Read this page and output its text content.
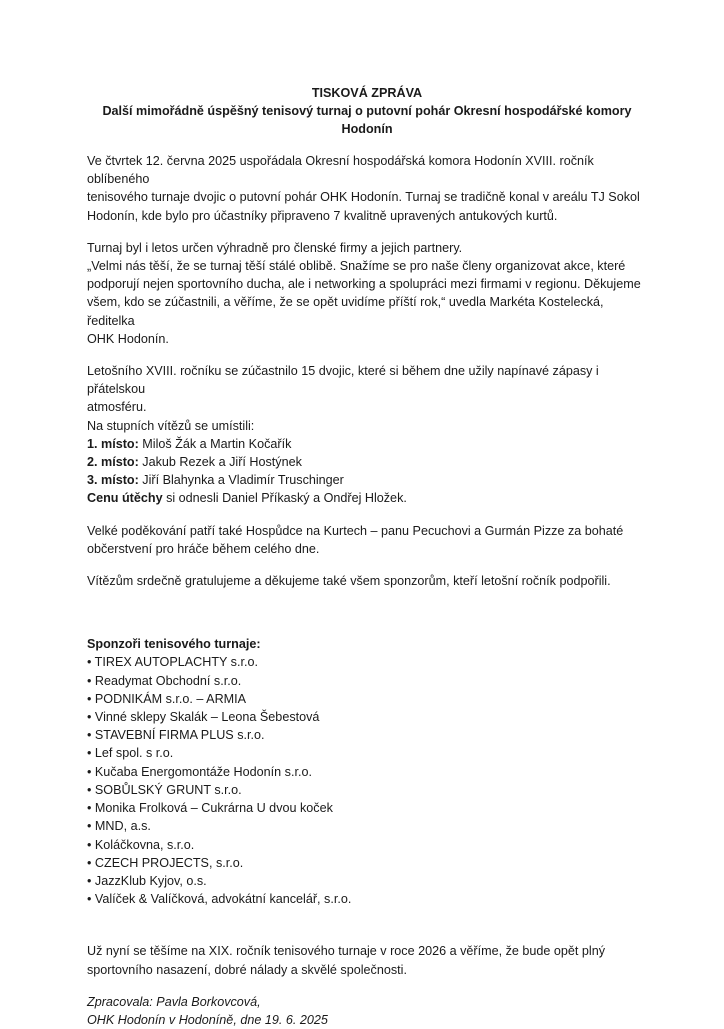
TISKOVÁ ZPRÁVA
Další mimořádně úspěšný tenisový turnaj o putovní pohár Okresní hospodářské komory Hodonín
Ve čtvrtek 12. června 2025 uspořádala Okresní hospodářská komora Hodonín XVIII. ročník oblíbeného
tenisového turnaje dvojic o putovní pohár OHK Hodonín. Turnaj se tradičně konal v areálu TJ Sokol
Hodonín, kde bylo pro účastníky připraveno 7 kvalitně upravených antukových kurtů.
Turnaj byl i letos určen výhradně pro členské firmy a jejich partnery.
„Velmi nás těší, že se turnaj těší stálé oblibě. Snažíme se pro naše členy organizovat akce, které
podporují nejen sportovního ducha, ale i networking a spolupráci mezi firmami v regionu. Děkujeme
všem, kdo se zúčastnili, a věříme, že se opět uvidíme příští rok,“ uvedla Markéta Kostelecká, ředitelka
OHK Hodonín.
Letošního XVIII. ročníku se zúčastnilo 15 dvojic, které si během dne užily napínavé zápasy i přátelskou
atmosféru.
Na stupních vítězů se umístili:
1. místo: Miloš Žák a Martin Kočařík
2. místo: Jakub Rezek a Jiří Hostýnek
3. místo: Jiří Blahynka a Vladimír Truschinger
Cenu útěchy si odnesli Daniel Příkaský a Ondřej Hložek.
Velké poděkování patří také Hospůdce na Kurtech – panu Pecuchovi a Gurmán Pizze za bohaté
občerstvení pro hráče během celého dne.
Vítězům srdečně gratulujeme a děkujeme také všem sponzorům, kteří letošní ročník podpořili.
Sponzoři tenisového turnaje:
• TIREX AUTOPLACHTY s.r.o.
• Readymat Obchodní s.r.o.
• PODNIKÁM s.r.o. – ARMIA
• Vinné sklepy Skalák – Leona Šebestová
• STAVEBNÍ FIRMA PLUS s.r.o.
• Lef spol. s r.o.
• Kučaba Energomontáže Hodonín s.r.o.
• SOBŮLSKÝ GRUNT s.r.o.
• Monika Frolková – Cukrárna U dvou koček
• MND, a.s.
• Koláčkovna, s.r.o.
• CZECH PROJECTS, s.r.o.
• JazzKlub Kyjov, o.s.
• Valíček & Valíčková, advokátní kancelář, s.r.o.
Už nyní se těšíme na XIX. ročník tenisového turnaje v roce 2026 a věříme, že bude opět plný
sportovního nasazení, dobré nálady a skvělé společnosti.
Zpracovala: Pavla Borkovcová,
OHK Hodonín v Hodoníně, dne 19. 6. 2025
